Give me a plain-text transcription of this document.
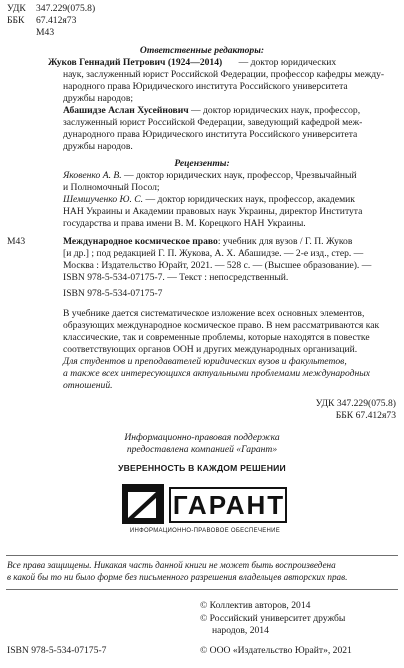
УДК 347.229(075.8)
ББК 67.412я73
М43
Ответственные редакторы:
Жуков Геннадий Петрович (1924—2014) — доктор юридических
наук, заслуженный юрист Российской Федерации, профессор кафедры между-
народного права Юридического института Российского университета
дружбы народов;
Абашидзе Аслан Хусейнович — доктор юридических наук, профессор,
заслуженный юрист Российской Федерации, заведующий кафедрой меж-
дународного права Юридического института Российского университета
дружбы народов.
Рецензенты:
Яковенко А. В. — доктор юридических наук, профессор, Чрезвычайный
и Полномочный Посол;
Шемшученко Ю. С. — доктор юридических наук, профессор, академик
НАН Украины и Академии правовых наук Украины, директор Института
государства и права имени В. М. Корецкого НАН Украины.
М43	Международное космическое право: учебник для вузов / Г. П. Жуков
[и др.] ; под редакцией Г. П. Жукова, А. Х. Абашидзе. — 2-е изд., стер. —
Москва : Издательство Юрайт, 2021. — 528 с. — (Высшее образование). —
ISBN 978-5-534-07175-7. — Текст : непосредственный.
ISBN 978-5-534-07175-7
В учебнике дается систематическое изложение всех основных элементов,
образующих международное космическое право. В нем рассматриваются как
классические, так и современные проблемы, которые находятся в повестке
соответствующих органов ООН и других международных организаций.
Для студентов и преподавателей юридических вузов и факультетов,
а также всех интересующихся актуальными проблемами международных
отношений.
УДК 347.229(075.8)
ББК 67.412я73
Информационно-правовая поддержка
предоставлена компанией «Гарант»
УВЕРЕННОСТЬ В КАЖДОМ РЕШЕНИИ
ГАРАНТ
ИНФОРМАЦИОННО-ПРАВОВОЕ ОБЕСПЕЧЕНИЕ
Все права защищены. Никакая часть данной книги не может быть воспроизведена
в какой бы то ни было форме без письменного разрешения владельцев авторских прав.
© Коллектив авторов, 2014
© Российский университет дружбы
народов, 2014
© ООО «Издательство Юрайт», 2021
ISBN 978-5-534-07175-7
